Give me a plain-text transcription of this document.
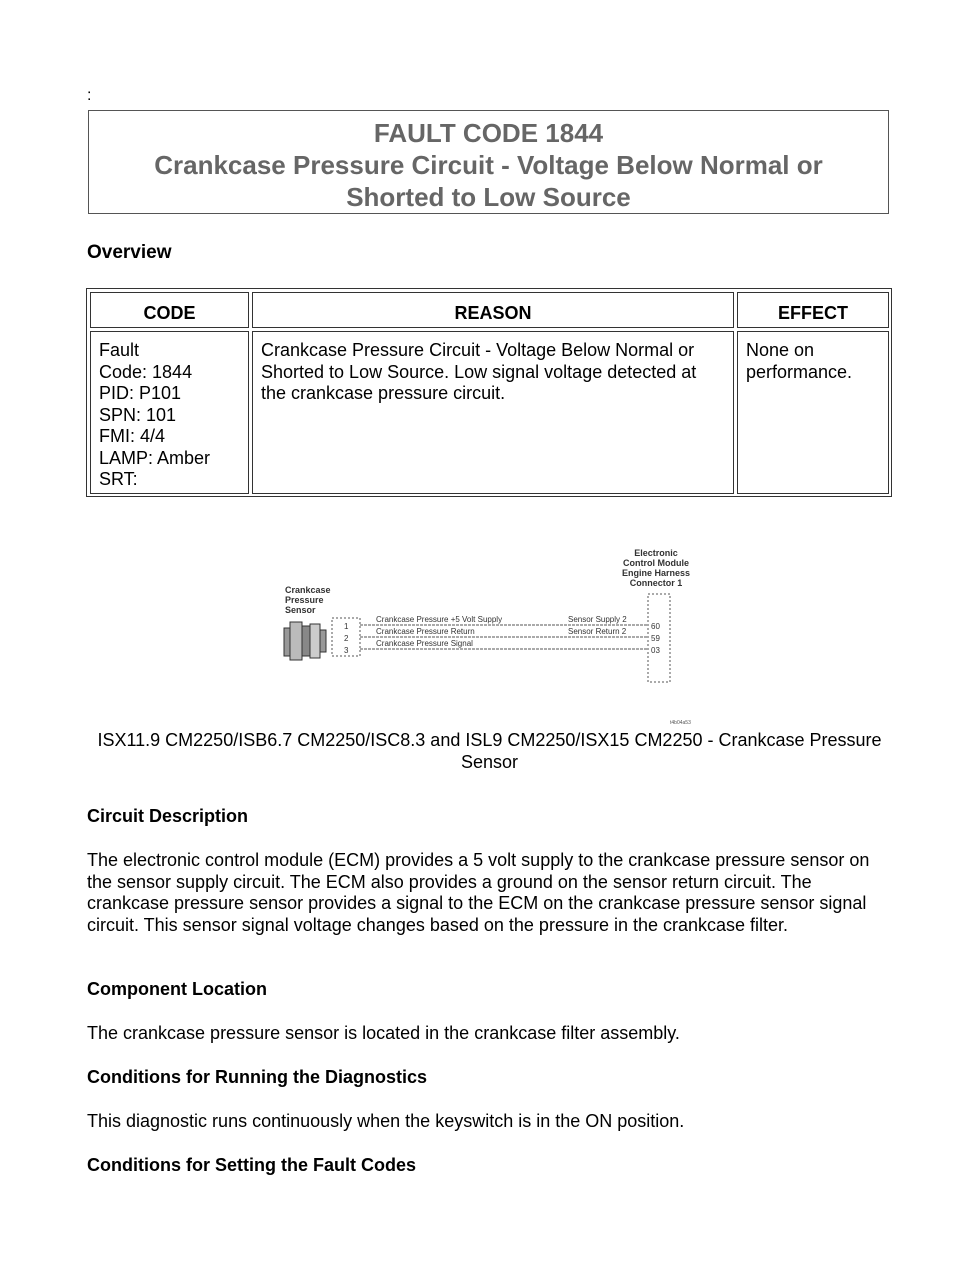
:
FAULT CODE 1844
Crankcase Pressure Circuit - Voltage Below Normal or Shorted to Low Source
Overview
CODE	REASON	EFFECT
Fault
Code: 1844
PID: P101
SPN: 101
FMI: 4/4
LAMP: Amber
SRT:
Crankcase Pressure Circuit - Voltage Below Normal or Shorted to Low Source. Low signal voltage detected at the crankcase pressure circuit.
None on performance.
Electronic
Control Module
Engine Harness
Connector 1
Crankcase
Pressure
Sensor
1
2
3
Crankcase Pressure +5 Volt Supply
Crankcase Pressure Return
Crankcase Pressure Signal
Sensor Supply 2
Sensor Return 2
60
59
03
t4b04a53
ISX11.9 CM2250/ISB6.7 CM2250/ISC8.3 and ISL9 CM2250/ISX15 CM2250 - Crankcase Pressure Sensor
Circuit Description
The electronic control module (ECM) provides a 5 volt supply to the crankcase pressure sensor on the sensor supply circuit. The ECM also provides a ground on the sensor return circuit. The crankcase pressure sensor provides a signal to the ECM on the crankcase pressure sensor signal circuit. This sensor signal voltage changes based on the pressure in the crankcase filter.
Component Location
The crankcase pressure sensor is located in the crankcase filter assembly.
Conditions for Running the Diagnostics
This diagnostic runs continuously when the keyswitch is in the ON position.
Conditions for Setting the Fault Codes
